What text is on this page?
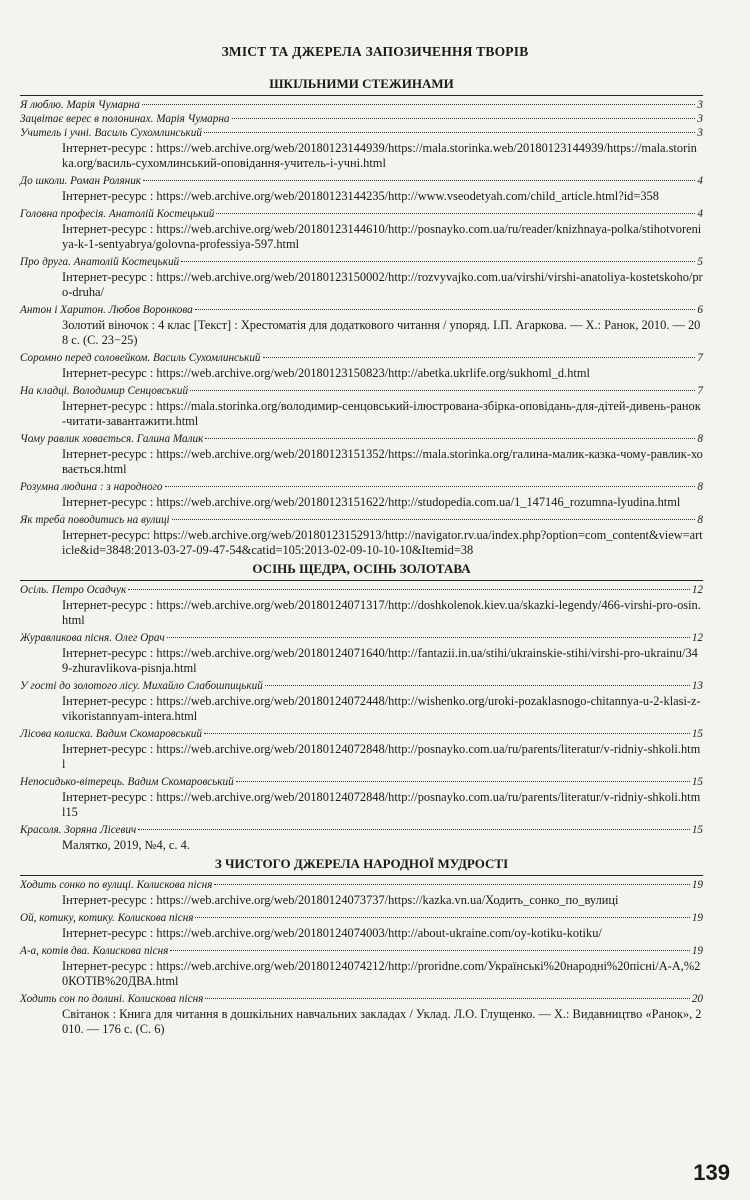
ЗМІСТ ТА ДЖЕРЕЛА ЗАПОЗИЧЕННЯ ТВОРІВ
ШКІЛЬНИМИ СТЕЖИНАМИ
Я люблю. Марія Чумарна	3
Зацвітає верес в полонинах. Марія Чумарна	3
Учитель і учні. Василь Сухомлинський	3
Інтернет-ресурс : https://web.archive.org/web/20180123144939/https://mala.storinka.web/20180123144939/https://mala.storinka.org/василь-сухомлинський-оповідання-учитель-і-учні.html
До школи. Роман Роляник	4
Інтернет-ресурс : https://web.archive.org/web/20180123144235/http://www.vseodetyah.com/child_article.html?id=358
Головна професія. Анатолій Костецький	4
Інтернет-ресурс : https://web.archive.org/web/20180123144610/http://posnayko.com.ua/ru/reader/knizhnaya-polka/stihotvoreniya-k-1-sentyabrya/golovna-professiya-597.html
Про друга. Анатолій Костецький	5
Інтернет-ресурс : https://web.archive.org/web/20180123150002/http://rozvyvajko.com.ua/virshi/virshi-anatoliya-kostetskoho/pro-druha/
Антон і Харитон. Любов Воронкова	6
Золотий віночок : 4 клас [Текст] : Хрестоматія для додаткового читання / упоряд. І.П. Агаркова. — Х.: Ранок, 2010. — 208 с. (С. 23−25)
Соромно перед соловейком. Василь Сухомлинський	7
Інтернет-ресурс : https://web.archive.org/web/20180123150823/http://abetka.ukrlife.org/sukhoml_d.html
На кладці. Володимир Сенцовський	7
Інтернет-ресурс : https://mala.storinka.org/володимир-сенцовський-ілюстрована-збірка-оповідань-для-дітей-дивень-ранок-читати-завантажити.html
Чому равлик ховається. Галина Малик	8
Інтернет-ресурс : https://web.archive.org/web/20180123151352/https://mala.storinka.org/галина-малик-казка-чому-равлик-ховається.html
Розумна людина : з народного	8
Інтернет-ресурс : https://web.archive.org/web/20180123151622/http://studopedia.com.ua/1_147146_rozumna-lyudina.html
Як треба поводитись на вулиці	8
Інтернет-ресурс: https://web.archive.org/web/20180123152913/http://navigator.rv.ua/index.php?option=com_content&view=article&id=3848:2013-03-27-09-47-54&catid=105:2013-02-09-10-10-10&Itemid=38
ОСІНЬ ЩЕДРА, ОСІНЬ ЗОЛОТАВА
Осіль. Петро Осадчук	12
Інтернет-ресурс : https://web.archive.org/web/20180124071317/http://doshkolenok.kiev.ua/skazki-legendy/466-virshi-pro-osin.html
Журавликова пісня. Олег Орач	12
Інтернет-ресурс : https://web.archive.org/web/20180124071640/http://fantazii.in.ua/stihi/ukrainskie-stihi/virshi-pro-ukrainu/349-zhuravlikova-pisnja.html
У гості до золотого лісу. Михайло Слабошпицький	13
Інтернет-ресурс : https://web.archive.org/web/20180124072448/http://wishenko.org/uroki-pozaklasnogo-chitannya-u-2-klasi-z-vikoristannyam-intera.html
Лісова колиска. Вадим Скомаровський	15
Інтернет-ресурс : https://web.archive.org/web/20180124072848/http://posnayko.com.ua/ru/parents/literatur/v-ridniy-shkoli.html
Непосидько-вітерець. Вадим Скомаровський	15
Інтернет-ресурс : https://web.archive.org/web/20180124072848/http://posnayko.com.ua/ru/parents/literatur/v-ridniy-shkoli.html15
Красоля. Зоряна Лісевич	15
Малятко, 2019, №4, с. 4.
З ЧИСТОГО ДЖЕРЕЛА НАРОДНОЇ МУДРОСТІ
Ходить сонко по вулиці. Колискова пісня	19
Інтернет-ресурс : https://web.archive.org/web/20180124073737/https://kazka.vn.ua/Ходить_сонко_по_вулиці
Ой, котику, котику. Колискова пісня	19
Інтернет-ресурс : https://web.archive.org/web/20180124074003/http://about-ukraine.com/oy-kotiku-kotiku/
А-а, котів два. Колискова пісня	19
Інтернет-ресурс : https://web.archive.org/web/20180124074212/http://proridne.com/Українські%20народні%20пісні/А-А,%20КОТІВ%20ДВА.html
Ходить сон по долині. Колискова пісня	20
Світанок : Книга для читання в дошкільних навчальних закладах / Уклад. Л.О. Глущенко. — Х.: Видавництво «Ранок», 2010. — 176 с. (С. 6)
139
